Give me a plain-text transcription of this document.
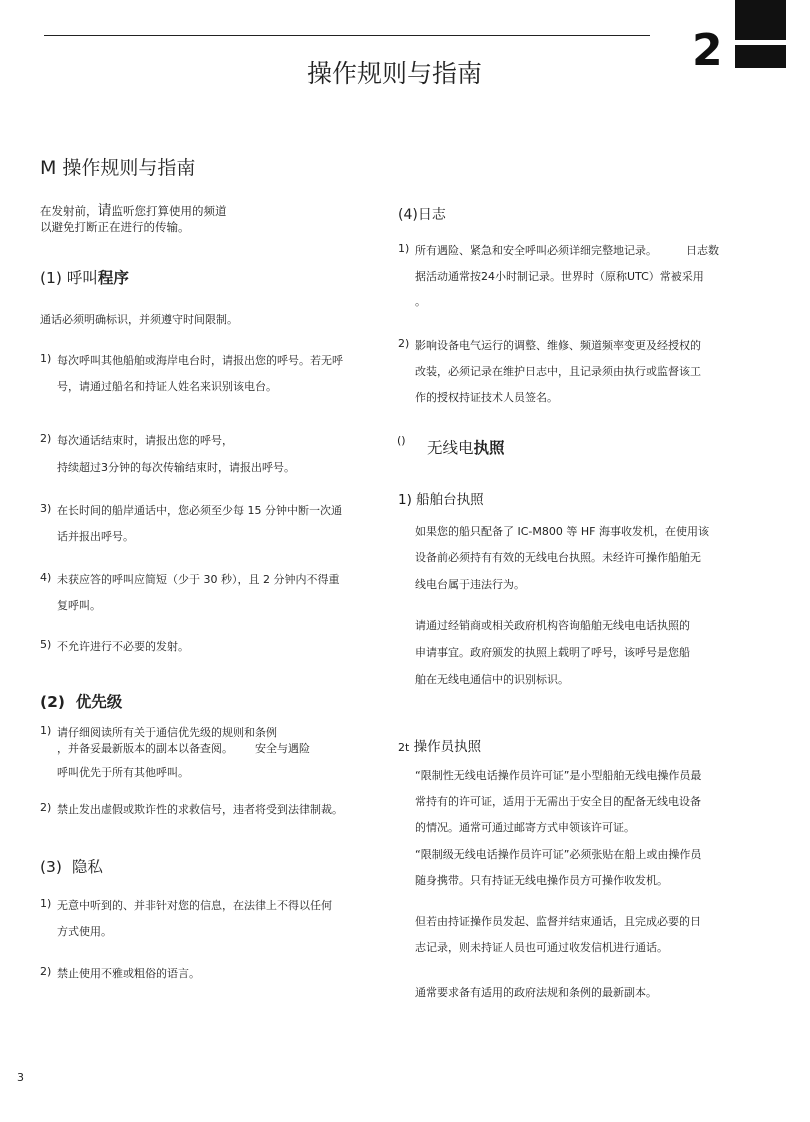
操作规则与指南	2
M 操作规则与指南
在发射前，请监听您打算使用的频道
以避免打断正在进行的传输。
(1) 呼叫程序
通话必须明确标识，并须遵守时间限制。
1) 每次呼叫其他船舶或海岸电台时，请报出您的呼号。若无呼
号，请通过船名和持证人姓名来识别该电台。
2) 每次通话结束时，请报出您的呼号，
持续超过3分钟的每次传输结束时，请报出呼号。
3) 在长时间的船岸通话中，您必须至少每 15 分钟中断一次通
话并报出呼号。
4) 未获应答的呼叫应简短（少于 30 秒），且 2 分钟内不得重
复呼叫。
5) 不允许进行不必要的发射。
(2) 优先级
1) 请仔细阅读所有关于通信优先级的规则和条例
，并备妥最新版本的副本以备查阅。 安全与遇险
呼叫优先于所有其他呼叫。
2) 禁止发出虚假或欺诈性的求救信号，违者将受到法律制裁。
(3) 隐私
1) 无意中听到的、并非针对您的信息，在法律上不得以任何
方式使用。
2) 禁止使用不雅或粗俗的语言。
(4)日志
1) 所有遇险、紧急和安全呼叫必须详细完整地记录。	日志数
据活动通常按24小时制记录。世界时（原称UTC）常被采用
。
2) 影响设备电气运行的调整、维修、频道频率变更及经授权的
改装，必须记录在维护日志中，且记录须由执行或监督该工
作的授权持证技术人员签名。
() 无线电执照
1) 船舶台执照
如果您的船只配备了 IC-M800 等 HF 海事收发机，在使用该
设备前必须持有有效的无线电台执照。未经许可操作船舶无
线电台属于违法行为。
请通过经销商或相关政府机构咨询船舶无线电电话执照的
申请事宜。政府颁发的执照上载明了呼号，该呼号是您船
舶在无线电通信中的识别标识。
2t 操作员执照
“限制性无线电话操作员许可证”是小型船舶无线电操作员最
常持有的许可证，适用于无需出于安全目的配备无线电设备
的情况。通常可通过邮寄方式申领该许可证。
“限制级无线电话操作员许可证”必须张贴在船上或由操作员
随身携带。只有持证无线电操作员方可操作收发机。
但若由持证操作员发起、监督并结束通话，且完成必要的日
志记录，则未持证人员也可通过收发信机进行通话。
通常要求备有适用的政府法规和条例的最新副本。
3
